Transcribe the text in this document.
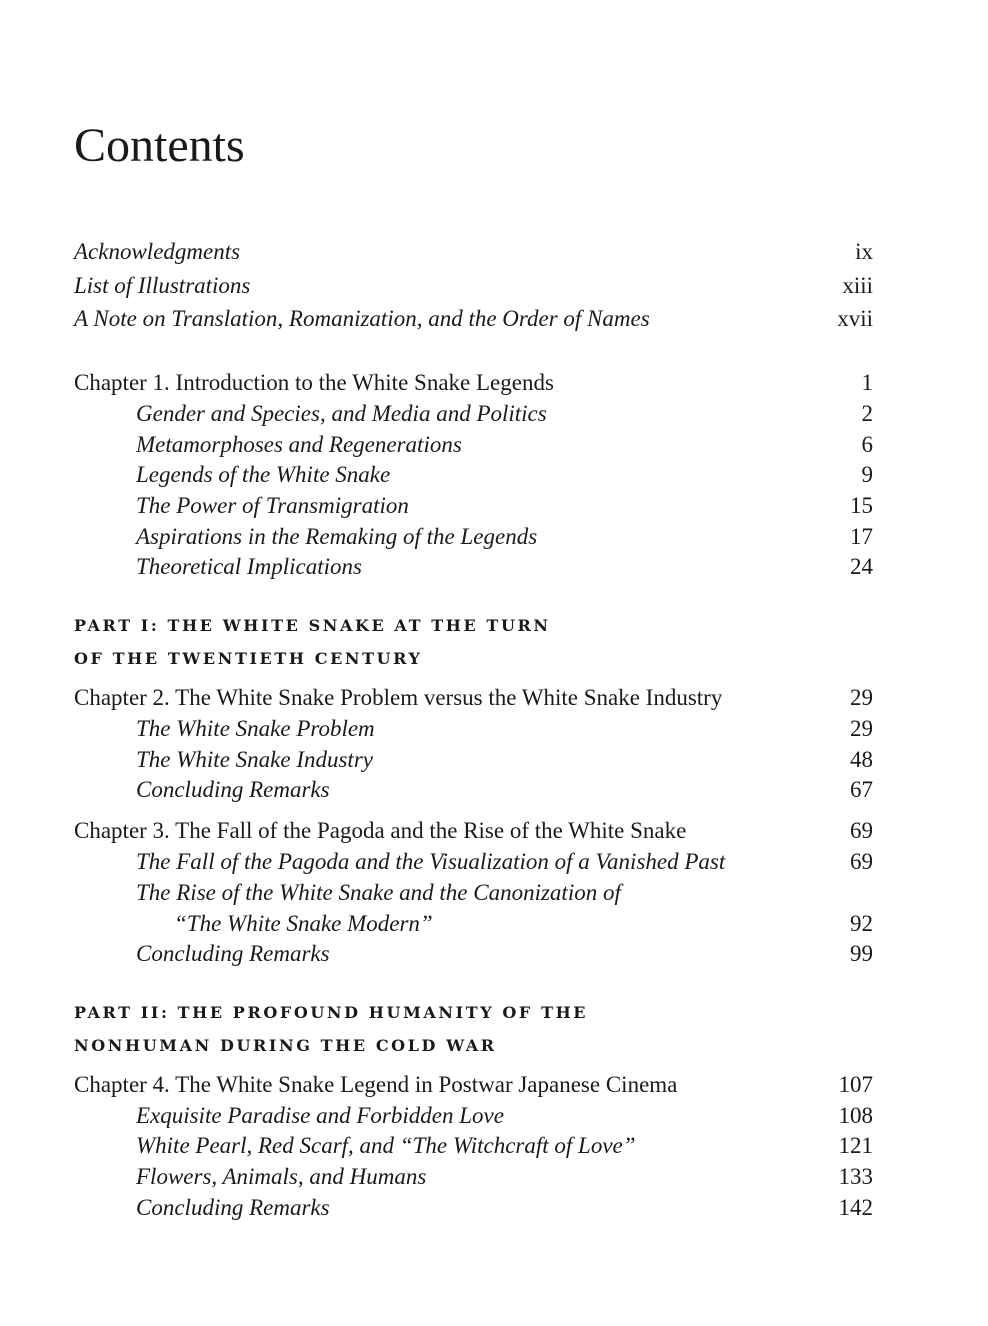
Contents
Acknowledgments	ix
List of Illustrations	xiii
A Note on Translation, Romanization, and the Order of Names	xvii
Chapter 1. Introduction to the White Snake Legends	1
Gender and Species, and Media and Politics	2
Metamorphoses and Regenerations	6
Legends of the White Snake	9
The Power of Transmigration	15
Aspirations in the Remaking of the Legends	17
Theoretical Implications	24
PART I: THE WHITE SNAKE AT THE TURN
OF THE TWENTIETH CENTURY
Chapter 2. The White Snake Problem versus the White Snake Industry	29
The White Snake Problem	29
The White Snake Industry	48
Concluding Remarks	67
Chapter 3. The Fall of the Pagoda and the Rise of the White Snake	69
The Fall of the Pagoda and the Visualization of a Vanished Past	69
The Rise of the White Snake and the Canonization of
“The White Snake Modern”	92
Concluding Remarks	99
PART II: THE PROFOUND HUMANITY OF THE
NONHUMAN DURING THE COLD WAR
Chapter 4. The White Snake Legend in Postwar Japanese Cinema	107
Exquisite Paradise and Forbidden Love	108
White Pearl, Red Scarf, and “The Witchcraft of Love”	121
Flowers, Animals, and Humans	133
Concluding Remarks	142
